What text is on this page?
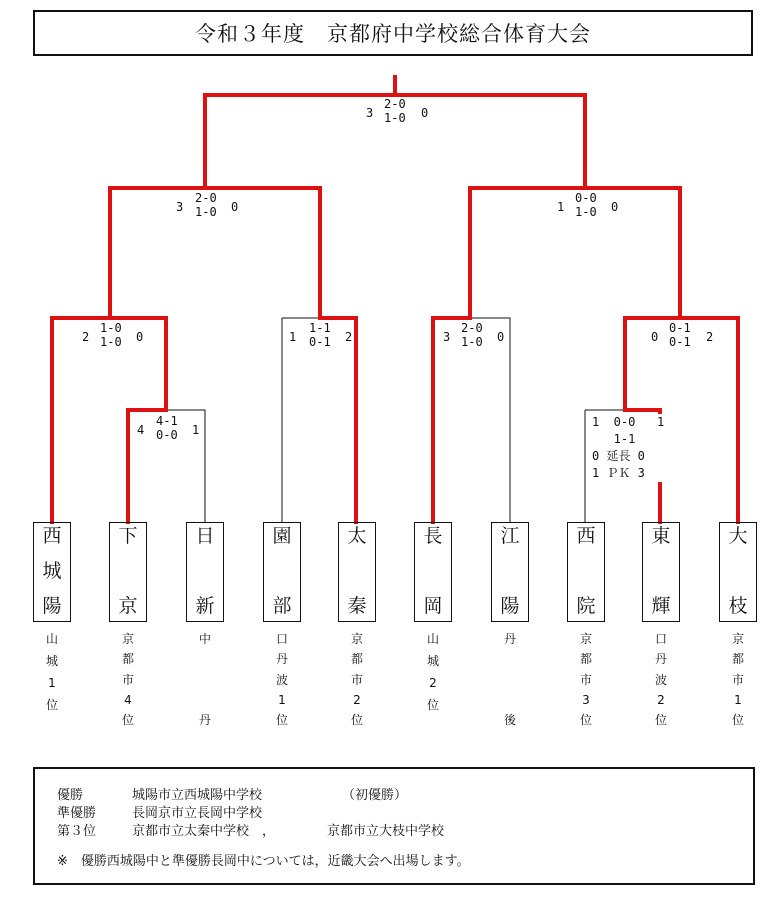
令和３年度　京都府中学校総合体育大会
3
2-0
1-0 0
3
2-0
1-0 0	1
0-0
1-0 0
2
1-0
1-0 0	1
1-1
0-1 2	3
2-0
1-0 0	0
0-1
0-1 2
4
4-1
0-0 1
1  0-0   1
1-1
0 延長 0
1 ＰＫ 3
西
城
陽
下
京
日
新
園
部
太
秦
長
岡
江
陽
西
院
東
輝
大
枝
山
城
1
位
京
都
市
4
位
中
丹
口
丹
波
1
位
京
都
市
2
位
山
城
2
位
丹
後
京
都
市
3
位
口
丹
波
2
位
京
都
市
1
位
優勝	城陽市立西城陽中学校	（初優勝）
準優勝	長岡京市立長岡中学校
第３位	京都市立太秦中学校　，	京都市立大枝中学校
※　優勝西城陽中と準優勝長岡中については，近畿大会へ出場します。
